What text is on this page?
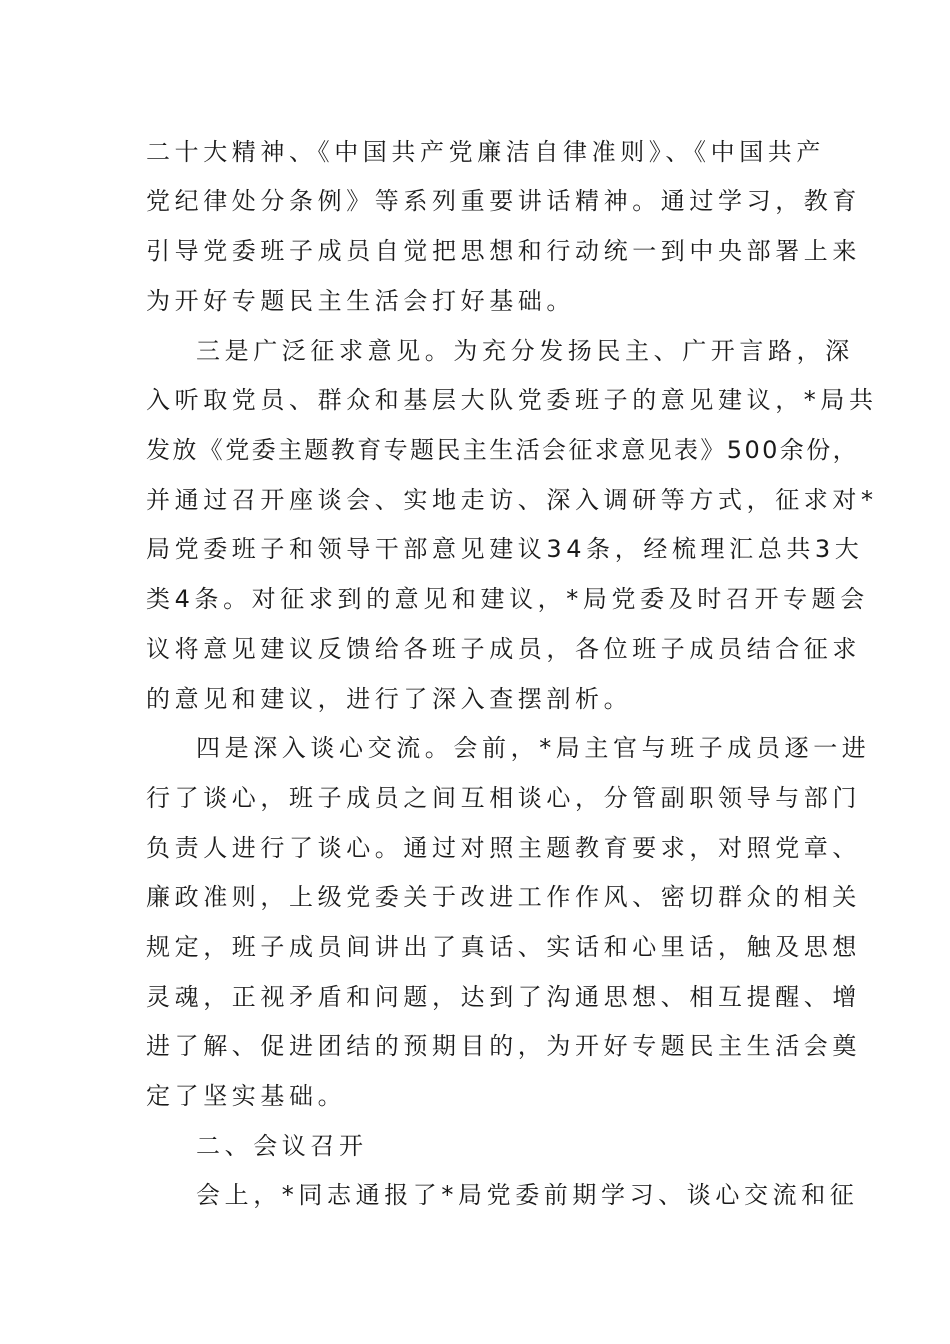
二十大精神、《中国共产党廉洁自律准则》、《中国共产
党纪律处分条例》等系列重要讲话精神。通过学习，教育
引导党委班子成员自觉把思想和行动统一到中央部署上来
为开好专题民主生活会打好基础。
三是广泛征求意见。为充分发扬民主、广开言路，深
入听取党员、群众和基层大队党委班子的意见建议，*局共
发放《党委主题教育专题民主生活会征求意见表》500余份，
并通过召开座谈会、实地走访、深入调研等方式，征求对*
局党委班子和领导干部意见建议34条，经梳理汇总共3大
类4条。对征求到的意见和建议，*局党委及时召开专题会
议将意见建议反馈给各班子成员，各位班子成员结合征求
的意见和建议，进行了深入查摆剖析。
四是深入谈心交流。会前，*局主官与班子成员逐一进
行了谈心，班子成员之间互相谈心，分管副职领导与部门
负责人进行了谈心。通过对照主题教育要求，对照党章、
廉政准则，上级党委关于改进工作作风、密切群众的相关
规定，班子成员间讲出了真话、实话和心里话，触及思想
灵魂，正视矛盾和问题，达到了沟通思想、相互提醒、增
进了解、促进团结的预期目的，为开好专题民主生活会奠
定了坚实基础。
二、会议召开
会上，*同志通报了*局党委前期学习、谈心交流和征
